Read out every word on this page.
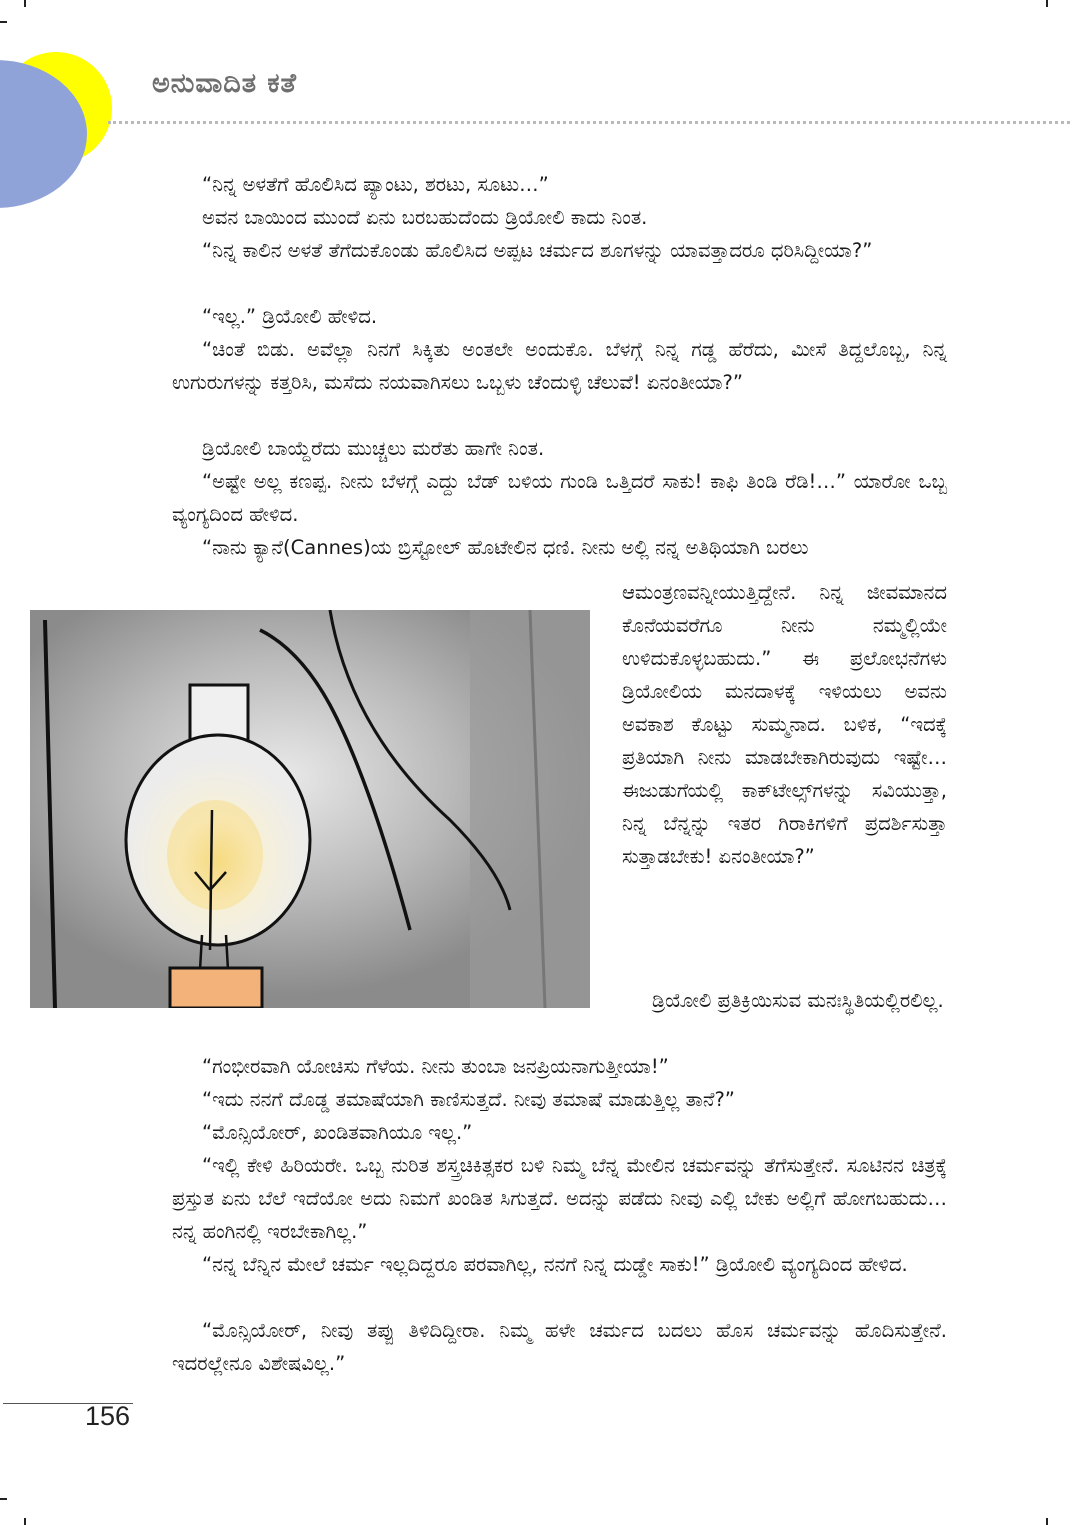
ಅನುವಾದಿತ ಕತೆ

“ನಿನ್ನ ಅಳತೆಗೆ ಹೊಲಿಸಿದ ಪ್ಯಾಂಟು, ಶರಟು, ಸೂಟು…”

ಅವನ ಬಾಯಿಂದ ಮುಂದೆ ಏನು ಬರಬಹುದೆಂದು ಡ್ರಿಯೋಲಿ ಕಾದು ನಿಂತ.

“ನಿನ್ನ ಕಾಲಿನ ಅಳತೆ ತೆಗೆದುಕೊಂಡು ಹೊಲಿಸಿದ ಅಪ್ಪಟ ಚರ್ಮದ ಶೂಗಳನ್ನು ಯಾವತ್ತಾದರೂ ಧರಿಸಿದ್ದೀಯಾ?”

“ಇಲ್ಲ.” ಡ್ರಿಯೋಲಿ ಹೇಳಿದ.

“ಚಿಂತೆ ಬಿಡು. ಅವೆಲ್ಲಾ ನಿನಗೆ ಸಿಕ್ಕಿತು ಅಂತಲೇ ಅಂದುಕೊ. ಬೆಳಗ್ಗೆ ನಿನ್ನ ಗಡ್ಡ ಹೆರೆದು, ಮೀಸೆ ತಿದ್ದಲೊಬ್ಬ, ನಿನ್ನ ಉಗುರುಗಳನ್ನು ಕತ್ತರಿಸಿ, ಮಸೆದು ನಯವಾಗಿಸಲು ಒಬ್ಬಳು ಚೆಂದುಳ್ಳಿ ಚೆಲುವೆ! ಏನಂತೀಯಾ?”

ಡ್ರಿಯೋಲಿ ಬಾಯ್ದೆರೆದು ಮುಚ್ಚಲು ಮರೆತು ಹಾಗೇ ನಿಂತ.

“ಅಷ್ಟೇ ಅಲ್ಲ ಕಣಪ್ಪ. ನೀನು ಬೆಳಗ್ಗೆ ಎದ್ದು ಬೆಡ್ ಬಳಿಯ ಗುಂಡಿ ಒತ್ತಿದರೆ ಸಾಕು! ಕಾಫಿ ತಿಂಡಿ ರೆಡಿ!…” ಯಾರೋ ಒಬ್ಬ ವ್ಯಂಗ್ಯದಿಂದ ಹೇಳಿದ.

“ನಾನು ಕ್ಯಾನೆ(Cannes)ಯ ಬ್ರಿಸ್ಟೋಲ್ ಹೊಟೇಲಿನ ಧಣಿ. ನೀನು ಅಲ್ಲಿ ನನ್ನ ಅತಿಥಿಯಾಗಿ ಬರಲು

ಆಮಂತ್ರಣವನ್ನೀಯುತ್ತಿದ್ದೇನೆ. ನಿನ್ನ ಜೀವಮಾನದ ಕೊನೆಯವರೆಗೂ ನೀನು ನಮ್ಮಲ್ಲಿಯೇ ಉಳಿದುಕೊಳ್ಳಬಹುದು.” ಈ ಪ್ರಲೋಭನೆಗಳು ಡ್ರಿಯೋಲಿಯ ಮನದಾಳಕ್ಕೆ ಇಳಿಯಲು ಅವನು ಅವಕಾಶ ಕೊಟ್ಟು ಸುಮ್ಮನಾದ. ಬಳಿಕ, “ಇದಕ್ಕೆ ಪ್ರತಿಯಾಗಿ ನೀನು ಮಾಡಬೇಕಾಗಿರುವುದು ಇಷ್ಟೇ… ಈಜುಡುಗೆಯಲ್ಲಿ ಕಾಕ್‌ಟೇಲ್ಸ್‌ಗಳನ್ನು ಸವಿಯುತ್ತಾ, ನಿನ್ನ ಬೆನ್ನನ್ನು ಇತರ ಗಿರಾಕಿಗಳಿಗೆ ಪ್ರದರ್ಶಿಸುತ್ತಾ ಸುತ್ತಾಡಬೇಕು! ಏನಂತೀಯಾ?”

ಡ್ರಿಯೋಲಿ ಪ್ರತಿಕ್ರಿಯಿಸುವ ಮನಃಸ್ಥಿತಿಯಲ್ಲಿರಲಿಲ್ಲ.

“ಗಂಭೀರವಾಗಿ ಯೋಚಿಸು ಗೆಳೆಯ. ನೀನು ತುಂಬಾ ಜನಪ್ರಿಯನಾಗುತ್ತೀಯಾ!”

“ಇದು ನನಗೆ ದೊಡ್ಡ ತಮಾಷೆಯಾಗಿ ಕಾಣಿಸುತ್ತದೆ. ನೀವು ತಮಾಷೆ ಮಾಡುತ್ತಿಲ್ಲ ತಾನೆ?”

“ಮೊನ್ಸಿಯೋರ್, ಖಂಡಿತವಾಗಿಯೂ ಇಲ್ಲ.”

“ಇಲ್ಲಿ ಕೇಳಿ ಹಿರಿಯರೇ. ಒಬ್ಬ ನುರಿತ ಶಸ್ತ್ರಚಿಕಿತ್ಸಕರ ಬಳಿ ನಿಮ್ಮ ಬೆನ್ನ ಮೇಲಿನ ಚರ್ಮವನ್ನು ತೆಗೆಸುತ್ತೇನೆ. ಸೂಟಿನನ ಚಿತ್ರಕ್ಕೆ ಪ್ರಸ್ತುತ ಏನು ಬೆಲೆ ಇದೆಯೋ ಅದು ನಿಮಗೆ ಖಂಡಿತ ಸಿಗುತ್ತದೆ. ಅದನ್ನು ಪಡೆದು ನೀವು ಎಲ್ಲಿ ಬೇಕು ಅಲ್ಲಿಗೆ ಹೋಗಬಹುದು… ನನ್ನ ಹಂಗಿನಲ್ಲಿ ಇರಬೇಕಾಗಿಲ್ಲ.”

“ನನ್ನ ಬೆನ್ನಿನ ಮೇಲೆ ಚರ್ಮ ಇಲ್ಲದಿದ್ದರೂ ಪರವಾಗಿಲ್ಲ, ನನಗೆ ನಿನ್ನ ದುಡ್ಡೇ ಸಾಕು!” ಡ್ರಿಯೋಲಿ ವ್ಯಂಗ್ಯದಿಂದ ಹೇಳಿದ.

“ಮೊನ್ಸಿಯೋರ್, ನೀವು ತಪ್ಪು ತಿಳಿದಿದ್ದೀರಾ. ನಿಮ್ಮ ಹಳೇ ಚರ್ಮದ ಬದಲು ಹೊಸ ಚರ್ಮವನ್ನು ಹೊದಿಸುತ್ತೇನೆ. ಇದರಲ್ಲೇನೂ ವಿಶೇಷವಿಲ್ಲ.”

156
